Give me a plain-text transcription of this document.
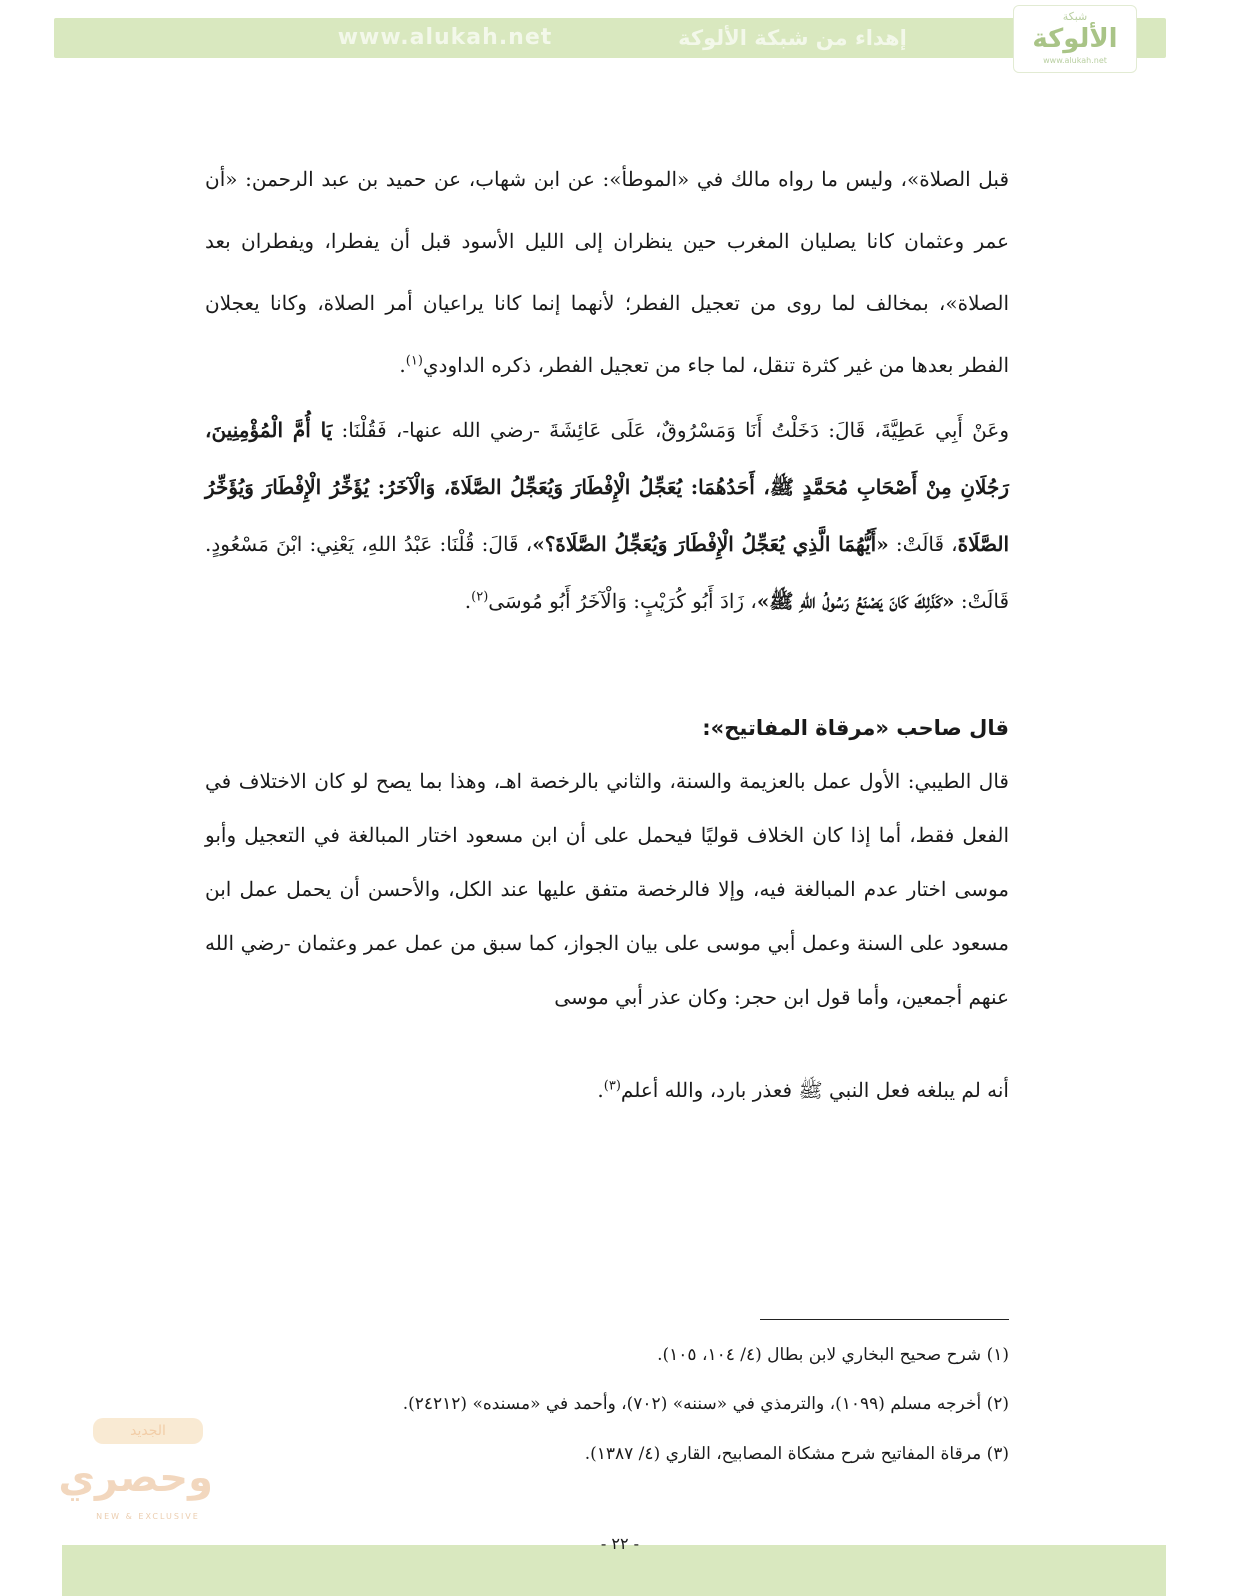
www.alukah.net	إهداء من شبكة الألوكة
شبكة
الألوكة
www.alukah.net

قبل الصلاة»، وليس ما رواه مالك في «الموطأ»: عن ابن شهاب، عن حميد بن عبد الرحمن: «أن عمر وعثمان كانا يصليان المغرب حين ينظران إلى الليل الأسود قبل أن يفطرا، ويفطران بعد الصلاة»، بمخالف لما روى من تعجيل الفطر؛ لأنهما إنما كانا يراعيان أمر الصلاة، وكانا يعجلان الفطر بعدها من غير كثرة تنقل، لما جاء من تعجيل الفطر، ذكره الداودي$^{(١)}$.

وعَنْ أَبِي عَطِيَّةَ، قَالَ: دَخَلْتُ أَنَا وَمَسْرُوقٌ، عَلَى عَائِشَةَ -رضي الله عنها-، فَقُلْنَا: يَا أُمَّ الْمُؤْمِنِينَ، رَجُلَانِ مِنْ أَصْحَابِ مُحَمَّدٍ ﷺ، أَحَدُهُمَا: يُعَجِّلُ الْإِفْطَارَ وَيُعَجِّلُ الصَّلَاةَ، وَالْآخَرُ: يُؤَخِّرُ الْإِفْطَارَ وَيُؤَخِّرُ الصَّلَاةَ، قَالَتْ: «أَيُّهُمَا الَّذِي يُعَجِّلُ الْإِفْطَارَ وَيُعَجِّلُ الصَّلَاةَ؟»، قَالَ: قُلْنَا: عَبْدُ اللهِ، يَعْنِي: ابْنَ مَسْعُودٍ. قَالَتْ: «كَذَلِكَ كَانَ يَصْنَعُ رَسُولُ اللهِ ﷺ»، زَادَ أَبُو كُرَيْبٍ: وَالْآخَرُ أَبُو مُوسَى$^{(٢)}$.

قال صاحب «مرقاة المفاتيح»:

قال الطيبي: الأول عمل بالعزيمة والسنة، والثاني بالرخصة اهـ، وهذا بما يصح لو كان الاختلاف في الفعل فقط، أما إذا كان الخلاف قوليًا فيحمل على أن ابن مسعود اختار المبالغة في التعجيل وأبو موسى اختار عدم المبالغة فيه، وإلا فالرخصة متفق عليها عند الكل، والأحسن أن يحمل عمل ابن مسعود على السنة وعمل أبي موسى على بيان الجواز، كما سبق من عمل عمر وعثمان -رضي الله عنهم أجمعين، وأما قول ابن حجر: وكان عذر أبي موسى

أنه لم يبلغه فعل النبي ﷺ فعذر بارد، والله أعلم$^{(٣)}$.

(١) شرح صحيح البخاري لابن بطال (٤/ ١٠٤، ١٠٥).
(٢) أخرجه مسلم (١٠٩٩)، والترمذي في «سننه» (٧٠٢)، وأحمد في «مسنده» (٢٤٢١٢).
(٣) مرقاة المفاتيح شرح مشكاة المصابيح، القاري (٤/ ١٣٨٧).
الجديد
وحصري
NEW & EXCLUSIVE
- ٢٢ -
